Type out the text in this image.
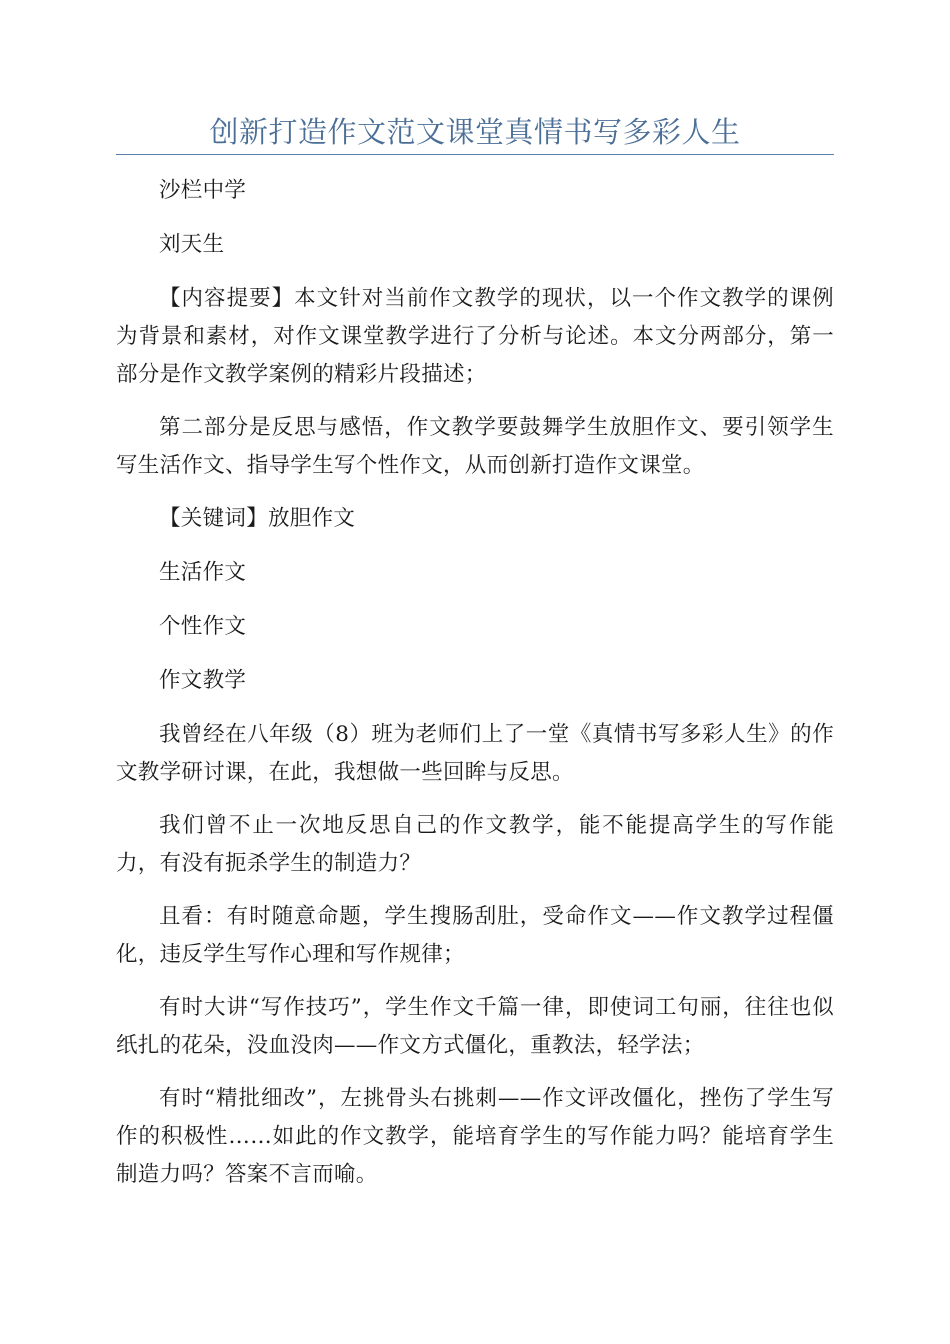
创新打造作文范文课堂真情书写多彩人生

沙栏中学

刘天生

【内容提要】本文针对当前作文教学的现状，以一个作文教学的课例为背景和素材，对作文课堂教学进行了分析与论述。本文分两部分，第一部分是作文教学案例的精彩片段描述；

第二部分是反思与感悟，作文教学要鼓舞学生放胆作文、要引领学生写生活作文、指导学生写个性作文，从而创新打造作文课堂。

【关键词】放胆作文

生活作文

个性作文

作文教学

我曾经在八年级（8）班为老师们上了一堂《真情书写多彩人生》的作文教学研讨课，在此，我想做一些回眸与反思。

我们曾不止一次地反思自己的作文教学，能不能提高学生的写作能力，有没有扼杀学生的制造力？

且看：有时随意命题，学生搜肠刮肚，受命作文——作文教学过程僵化，违反学生写作心理和写作规律；

有时大讲“写作技巧”，学生作文千篇一律，即使词工句丽，往往也似纸扎的花朵，没血没肉——作文方式僵化，重教法，轻学法；

有时“精批细改”，左挑骨头右挑刺——作文评改僵化，挫伤了学生写作的积极性……如此的作文教学，能培育学生的写作能力吗？能培育学生制造力吗？答案不言而喻。
